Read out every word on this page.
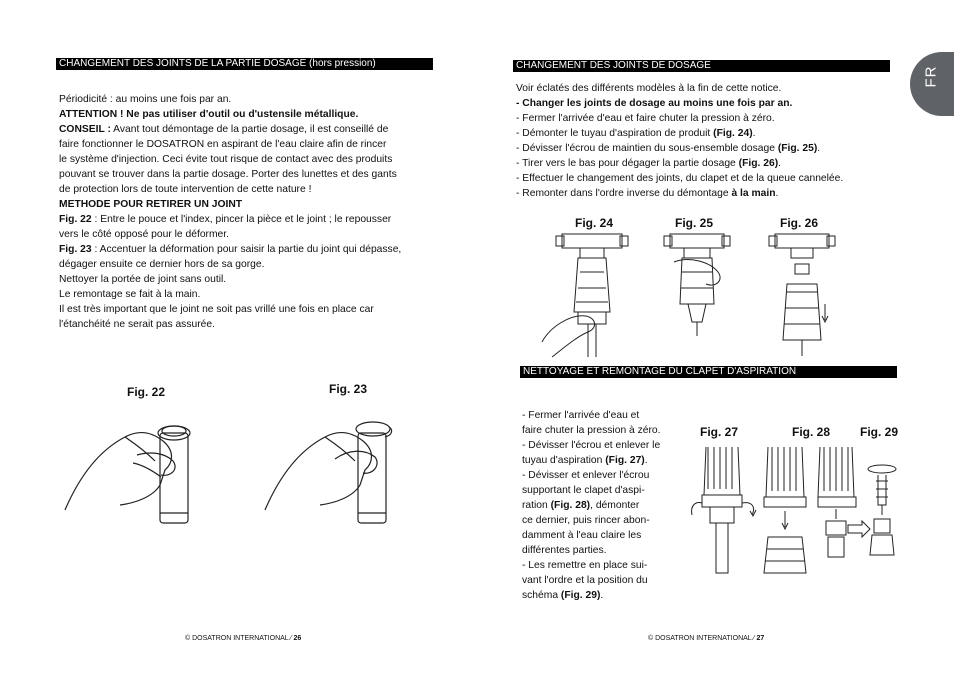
CHANGEMENT DES JOINTS DE LA PARTIE DOSAGE (hors pression)
Périodicité : au moins une fois par an.
ATTENTION ! Ne pas utiliser d'outil ou d'ustensile métallique.
CONSEIL : Avant tout démontage de la partie dosage, il est conseillé de
faire fonctionner le DOSATRON en aspirant de l'eau claire afin de rincer
le système d'injection. Ceci évite tout risque de contact avec des produits
pouvant se trouver dans la partie dosage. Porter des lunettes et des gants
de protection lors de toute intervention de cette nature !
METHODE POUR RETIRER UN JOINT
Fig. 22 : Entre le pouce et l'index, pincer la pièce et le joint ; le repousser
vers le côté opposé pour le déformer.
Fig. 23 : Accentuer la déformation pour saisir la partie du joint qui dépasse,
dégager ensuite ce dernier hors de sa gorge.
Nettoyer la portée de joint sans outil.
Le remontage se fait à la main.
Il est très important que le joint ne soit pas vrillé une fois en place car
l'étanchéité ne serait pas assurée.
Fig. 22	Fig. 23
© DOSATRON INTERNATIONAL ⁄ 26
FR
CHANGEMENT DES JOINTS DE DOSAGE
Voir éclatés des différents modèles à la fin de cette notice.
- Changer les joints de dosage au moins une fois par an.
- Fermer l'arrivée d'eau et faire chuter la pression à zéro.
- Démonter le tuyau d'aspiration de produit (Fig. 24).
- Dévisser l'écrou de maintien du sous-ensemble dosage (Fig. 25).
- Tirer vers le bas pour dégager la partie dosage (Fig. 26).
- Effectuer le changement des joints, du clapet et de la queue cannelée.
- Remonter dans l'ordre inverse du démontage à la main.
Fig. 24	Fig. 25	Fig. 26
NETTOYAGE ET REMONTAGE DU CLAPET D'ASPIRATION
- Fermer l'arrivée d'eau et
faire chuter la pression à zéro.
- Dévisser l'écrou et enlever le
tuyau d'aspiration (Fig. 27).
- Dévisser et enlever l'écrou
supportant le clapet d'aspi-
ration (Fig. 28), démonter
ce dernier, puis rincer abon-
damment à l'eau claire les
différentes parties.
- Les remettre en place sui-
vant l'ordre et la position du
schéma (Fig. 29).
Fig. 27	Fig. 28 Fig. 29
© DOSATRON INTERNATIONAL ⁄ 27
